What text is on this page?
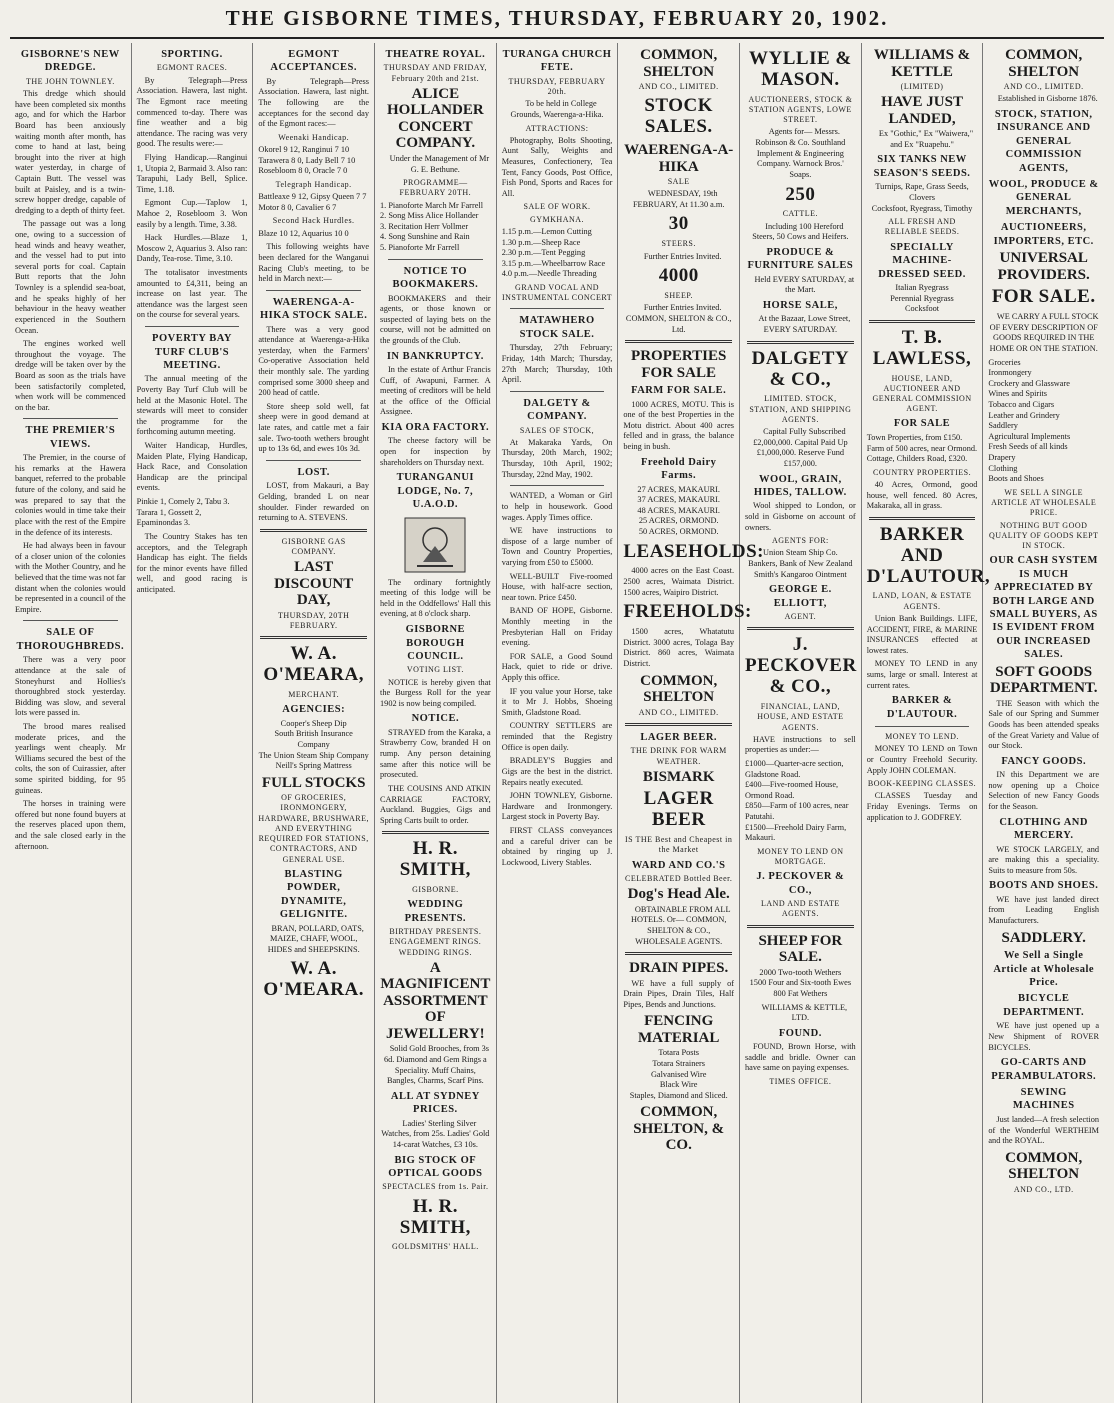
THE GISBORNE TIMES, THURSDAY, FEBRUARY 20, 1902.
GISBORNE'S NEW DREDGE.
THE JOHN TOWNLEY.

This dredge which should have been completed six months ago, and for which the Harbor Board has been anxiously waiting month after month, has come to hand at last, being brought into the river at high water yesterday, in charge of Captain Butt. The vessel was built at Paisley, and is a twin-screw hopper dredge, capable of dredging to a depth of thirty feet.

The passage out was a long one, owing to a succession of head winds and heavy weather, and the vessel had to put into several ports for coal. Captain Butt reports that the John Townley is a splendid sea-boat, and he speaks highly of her behaviour in the heavy weather experienced in the Southern Ocean.

The engines worked well throughout the voyage. The dredge will be taken over by the Board as soon as the trials have been satisfactorily completed, when work will be commenced on the bar.

THE PREMIER'S VIEWS.

The Premier, in the course of his remarks at the Hawera banquet, referred to the probable future of the colony, and said he was prepared to say that the colonies would in time take their place with the rest of the Empire in the defence of its interests.

He had always been in favour of a closer union of the colonies with the Mother Country, and he believed that the time was not far distant when the colonies would be represented in a council of the Empire.

SALE OF THOROUGHBREDS.

There was a very poor attendance at the sale of Stoneyhurst and Hollies's thoroughbred stock yesterday. Bidding was slow, and several lots were passed in.

The brood mares realised moderate prices, and the yearlings went cheaply. Mr Williams secured the best of the colts, the son of Cuirassier, after some spirited bidding, for 95 guineas.

The horses in training were offered but none found buyers at the reserves placed upon them, and the sale closed early in the afternoon.

SPORTING.
EGMONT RACES.

By Telegraph—Press Association. Hawera, last night. The Egmont race meeting commenced to-day. There was fine weather and a big attendance. The racing was very good. The results were:—

Flying Handicap.—Ranginui 1, Utopia 2, Barmaid 3. Also ran: Tarapuhi, Lady Bell, Splice. Time, 1.18.

Egmont Cup.—Taplow 1, Mahoe 2, Rosebloom 3. Won easily by a length. Time, 3.38.

Hack Hurdles.—Blaze 1, Moscow 2, Aquarius 3. Also ran: Dandy, Tea-rose. Time, 3.10.

The totalisator investments amounted to £4,311, being an increase on last year. The attendance was the largest seen on the course for several years.

POVERTY BAY TURF CLUB'S MEETING.

The annual meeting of the Poverty Bay Turf Club will be held at the Masonic Hotel. The stewards will meet to consider the programme for the forthcoming autumn meeting.

Waiter Handicap, Hurdles, Maiden Plate, Flying Handicap, Hack Race, and Consolation Handicap are the principal events.

Pinkie 1, Comely 2, Tabu 3.
Tarara 1, Gossett 2, Epaminondas 3.

The Country Stakes has ten acceptors, and the Telegraph Handicap has eight. The fields for the minor events have filled well, and good racing is anticipated.

EGMONT ACCEPTANCES.

By Telegraph—Press Association. Hawera, last night. The following are the acceptances for the second day of the Egmont races:—

Weenaki Handicap.
Okorel 9 12, Ranginui 7 10
Tarawera 8 0, Lady Bell 7 10
Rosebloom 8 0, Oracle 7 0
Telegraph Handicap.
Battleaxe 9 12, Gipsy Queen 7 7
Motor 8 0, Cavalier 6 7
Second Hack Hurdles.
Blaze 10 12, Aquarius 10 0

This following weights have been declared for the Wanganui Racing Club's meeting, to be held in March next:—

WAERENGA-A-HIKA STOCK SALE.

There was a very good attendance at Waerenga-a-Hika yesterday, when the Farmers' Co-operative Association held their monthly sale. The yarding comprised some 3000 sheep and 200 head of cattle.

Store sheep sold well, fat sheep were in good demand at late rates, and cattle met a fair sale. Two-tooth wethers brought up to 13s 6d, and ewes 10s 3d.

LOST.

LOST, from Makauri, a Bay Gelding, branded L on near shoulder. Finder rewarded on returning to A. STEVENS.

GISBORNE GAS COMPANY.
LAST DISCOUNT DAY,
THURSDAY, 20TH FEBRUARY.
W. A. O'MEARA,
MERCHANT.
AGENCIES:
Cooper's Sheep Dip
South British Insurance Company
The Union Steam Ship Company
Neill's Spring Mattress
FULL STOCKS
OF GROCERIES, IRONMONGERY, HARDWARE, BRUSHWARE, AND EVERYTHING REQUIRED FOR STATIONS, CONTRACTORS, AND GENERAL USE.
BLASTING POWDER, DYNAMITE, GELIGNITE.

BRAN, POLLARD, OATS, MAIZE, CHAFF, WOOL, HIDES and SHEEPSKINS.

W. A. O'MEARA.
THEATRE ROYAL.
THURSDAY AND FRIDAY, February 20th and 21st.
ALICE HOLLANDER CONCERT COMPANY.

Under the Management of Mr G. E. Bethune.

PROGRAMME—FEBRUARY 20TH.
1. Pianoforte March Mr Farrell
2. Song Miss Alice Hollander
3. Recitation Herr Vollmer
4. Song Sunshine and Rain
5. Pianoforte Mr Farrell
NOTICE TO BOOKMAKERS.

BOOKMAKERS and their agents, or those known or suspected of laying bets on the course, will not be admitted on the grounds of the Club.

IN BANKRUPTCY.

In the estate of Arthur Francis Cuff, of Awapuni, Farmer. A meeting of creditors will be held at the office of the Official Assignee.

KIA ORA FACTORY.

The cheese factory will be open for inspection by shareholders on Thursday next.

TURANGANUI LODGE, No. 7, U.A.O.D.

The ordinary fortnightly meeting of this lodge will be held in the Oddfellows' Hall this evening, at 8 o'clock sharp.

GISBORNE BOROUGH COUNCIL.
VOTING LIST.

NOTICE is hereby given that the Burgess Roll for the year 1902 is now being compiled.

NOTICE.

STRAYED from the Karaka, a Strawberry Cow, branded H on rump. Any person detaining same after this notice will be prosecuted.

THE COUSINS AND ATKIN CARRIAGE FACTORY, Auckland. Buggies, Gigs and Spring Carts built to order.

H. R. SMITH,
GISBORNE.
WEDDING PRESENTS.
BIRTHDAY PRESENTS. ENGAGEMENT RINGS. WEDDING RINGS.
A MAGNIFICENT ASSORTMENT OF JEWELLERY!

Solid Gold Brooches, from 3s 6d. Diamond and Gem Rings a Speciality. Muff Chains, Bangles, Charms, Scarf Pins.

ALL AT SYDNEY PRICES.

Ladies' Sterling Silver Watches, from 25s. Ladies' Gold 14-carat Watches, £3 10s.

BIG STOCK OF OPTICAL GOODS
SPECTACLES from 1s. Pair.
H. R. SMITH,
GOLDSMITHS' HALL.
TURANGA CHURCH FETE.
THURSDAY, FEBRUARY 20th.

To be held in College Grounds, Waerenga-a-Hika.

ATTRACTIONS:

Photography, Bolts Shooting, Aunt Sally, Weights and Measures, Confectionery, Tea Tent, Fancy Goods, Post Office, Fish Pond, Sports and Races for All.

SALE OF WORK.
GYMKHANA.
1.15 p.m.—Lemon Cutting
1.30 p.m.—Sheep Race
2.30 p.m.—Tent Pegging
3.15 p.m.—Wheelbarrow Race
4.0 p.m.—Needle Threading
GRAND VOCAL AND INSTRUMENTAL CONCERT
MATAWHERO STOCK SALE.

Thursday, 27th February; Friday, 14th March; Thursday, 27th March; Thursday, 10th April.

DALGETY & COMPANY.
SALES OF STOCK,

At Makaraka Yards, On Thursday, 20th March, 1902; Thursday, 10th April, 1902; Thursday, 22nd May, 1902.

WANTED, a Woman or Girl to help in housework. Good wages. Apply Times office.

WE have instructions to dispose of a large number of Town and Country Properties, varying from £50 to £5000.

WELL-BUILT Five-roomed House, with half-acre section, near town. Price £450.

BAND OF HOPE, Gisborne. Monthly meeting in the Presbyterian Hall on Friday evening.

FOR SALE, a Good Sound Hack, quiet to ride or drive. Apply this office.

IF you value your Horse, take it to Mr J. Hobbs, Shoeing Smith, Gladstone Road.

COUNTRY SETTLERS are reminded that the Registry Office is open daily.

BRADLEY'S Buggies and Gigs are the best in the district. Repairs neatly executed.

JOHN TOWNLEY, Gisborne. Hardware and Ironmongery. Largest stock in Poverty Bay.

FIRST CLASS conveyances and a careful driver can be obtained by ringing up J. Lockwood, Livery Stables.

COMMON, SHELTON
AND CO., LIMITED.
STOCK SALES.
WAERENGA-A-HIKA
SALE

WEDNESDAY, 19th FEBRUARY, At 11.30 a.m.

30
STEERS.

Further Entries Invited.

4000
SHEEP.

Further Entries Invited. COMMON, SHELTON & CO., Ltd.

PROPERTIES FOR SALE
FARM FOR SALE.

1000 ACRES, MOTU. This is one of the best Properties in the Motu district. About 400 acres felled and in grass, the balance being in bush.

Freehold Dairy Farms.
27 ACRES, MAKAURI.
37 ACRES, MAKAURI.
48 ACRES, MAKAURI.
25 ACRES, ORMOND.
50 ACRES, ORMOND.
LEASEHOLDS:

4000 acres on the East Coast. 2500 acres, Waimata District. 1500 acres, Waipiro District.

FREEHOLDS:

1500 acres, Whatatutu District. 3000 acres, Tolaga Bay District. 860 acres, Waimata District.

COMMON, SHELTON
AND CO., LIMITED.
LAGER BEER.
THE DRINK FOR WARM WEATHER.
BISMARK
LAGER BEER
IS THE Best and Cheapest in the Market
WARD AND CO.'S
CELEBRATED Bottled Beer.
Dog's Head Ale.

OBTAINABLE FROM ALL HOTELS. Or— COMMON, SHELTON & CO., WHOLESALE AGENTS.

DRAIN PIPES.

WE have a full supply of Drain Pipes, Drain Tiles, Half Pipes, Bends and Junctions.

FENCING MATERIAL
Totara Posts
Totara Strainers
Galvanised Wire
Black Wire
Staples, Diamond and Sliced.
COMMON, SHELTON, & CO.
WYLLIE & MASON.
AUCTIONEERS, STOCK & STATION AGENTS, LOWE STREET.

Agents for— Messrs. Robinson & Co. Southland Implement & Engineering Company. Warnock Bros.' Soaps.

250
CATTLE.

Including 100 Hereford Steers, 50 Cows and Heifers.

PRODUCE & FURNITURE SALES

Held EVERY SATURDAY, at the Mart.

HORSE SALE,

At the Bazaar, Lowe Street, EVERY SATURDAY.

DALGETY & CO.,
LIMITED. STOCK, STATION, AND SHIPPING AGENTS.

Capital Fully Subscribed £2,000,000. Capital Paid Up £1,000,000. Reserve Fund £157,000.

WOOL, GRAIN, HIDES, TALLOW.

Wool shipped to London, or sold in Gisborne on account of owners.

AGENTS FOR:
Union Steam Ship Co.
Bankers, Bank of New Zealand
Smith's Kangaroo Ointment
GEORGE E. ELLIOTT,
AGENT.
J. PECKOVER & CO.,
FINANCIAL, LAND, HOUSE, AND ESTATE AGENTS.

HAVE instructions to sell properties as under:—

£1000—Quarter-acre section, Gladstone Road.
£400—Five-roomed House, Ormond Road.
£850—Farm of 100 acres, near Patutahi.
£1500—Freehold Dairy Farm, Makauri.
MONEY TO LEND ON MORTGAGE.
J. PECKOVER & CO.,
LAND AND ESTATE AGENTS.
SHEEP FOR SALE.
2000 Two-tooth Wethers
1500 Four and Six-tooth Ewes
800 Fat Wethers

WILLIAMS & KETTLE, LTD.

FOUND.

FOUND, Brown Horse, with saddle and bridle. Owner can have same on paying expenses.

TIMES OFFICE.
WILLIAMS & KETTLE
(LIMITED)
HAVE JUST LANDED,

Ex "Gothic," Ex "Waiwera," and Ex "Ruapehu."

SIX TANKS NEW SEASON'S SEEDS.
Turnips, Rape, Grass Seeds, Clovers
Cocksfoot, Ryegrass, Timothy
ALL FRESH AND RELIABLE SEEDS.
SPECIALLY MACHINE-DRESSED SEED.
Italian Ryegrass
Perennial Ryegrass
Cocksfoot
T. B. LAWLESS,
HOUSE, LAND, AUCTIONEER AND GENERAL COMMISSION AGENT.
FOR SALE
Town Properties, from £150.
Farm of 500 acres, near Ormond.
Cottage, Childers Road, £320.
COUNTRY PROPERTIES.

40 Acres, Ormond, good house, well fenced. 80 Acres, Makaraka, all in grass.

BARKER AND D'LAUTOUR,
LAND, LOAN, & ESTATE AGENTS.

Union Bank Buildings. LIFE, ACCIDENT, FIRE, & MARINE INSURANCES effected at lowest rates.

MONEY TO LEND in any sums, large or small. Interest at current rates.

BARKER & D'LAUTOUR.
MONEY TO LEND.

MONEY TO LEND on Town or Country Freehold Security. Apply JOHN COLEMAN.

BOOK-KEEPING CLASSES.

CLASSES Tuesday and Friday Evenings. Terms on application to J. GODFREY.

COMMON, SHELTON
AND CO., LIMITED.

Established in Gisborne 1876.

STOCK, STATION, INSURANCE AND GENERAL COMMISSION AGENTS,
WOOL, PRODUCE & GENERAL MERCHANTS,
AUCTIONEERS, IMPORTERS, ETC.
UNIVERSAL PROVIDERS.
FOR SALE.

WE CARRY A FULL STOCK OF EVERY DESCRIPTION OF GOODS REQUIRED IN THE HOME OR ON THE STATION.

Groceries
Ironmongery
Crockery and Glassware
Wines and Spirits
Tobacco and Cigars
Leather and Grindery
Saddlery
Agricultural Implements
Fresh Seeds of all kinds
Drapery
Clothing
Boots and Shoes
WE SELL A SINGLE ARTICLE AT WHOLESALE PRICE.
NOTHING BUT GOOD QUALITY OF GOODS KEPT IN STOCK.
OUR CASH SYSTEM IS MUCH APPRECIATED BY BOTH LARGE AND SMALL BUYERS, AS IS EVIDENT FROM OUR INCREASED SALES.
SOFT GOODS DEPARTMENT.

THE Season with which the Sale of our Spring and Summer Goods has been attended speaks of the Great Variety and Value of our Stock.

FANCY GOODS.

IN this Department we are now opening up a Choice Selection of new Fancy Goods for the Season.

CLOTHING AND MERCERY.

WE STOCK LARGELY, and are making this a speciality. Suits to measure from 50s.

BOOTS AND SHOES.

WE have just landed direct from Leading English Manufacturers.

SADDLERY.
We Sell a Single Article at Wholesale Price.
BICYCLE DEPARTMENT.

WE have just opened up a New Shipment of ROVER BICYCLES.

GO-CARTS AND PERAMBULATORS.
SEWING MACHINES

Just landed—A fresh selection of the Wonderful WERTHEIM and the ROYAL.

COMMON, SHELTON
AND CO., LTD.
